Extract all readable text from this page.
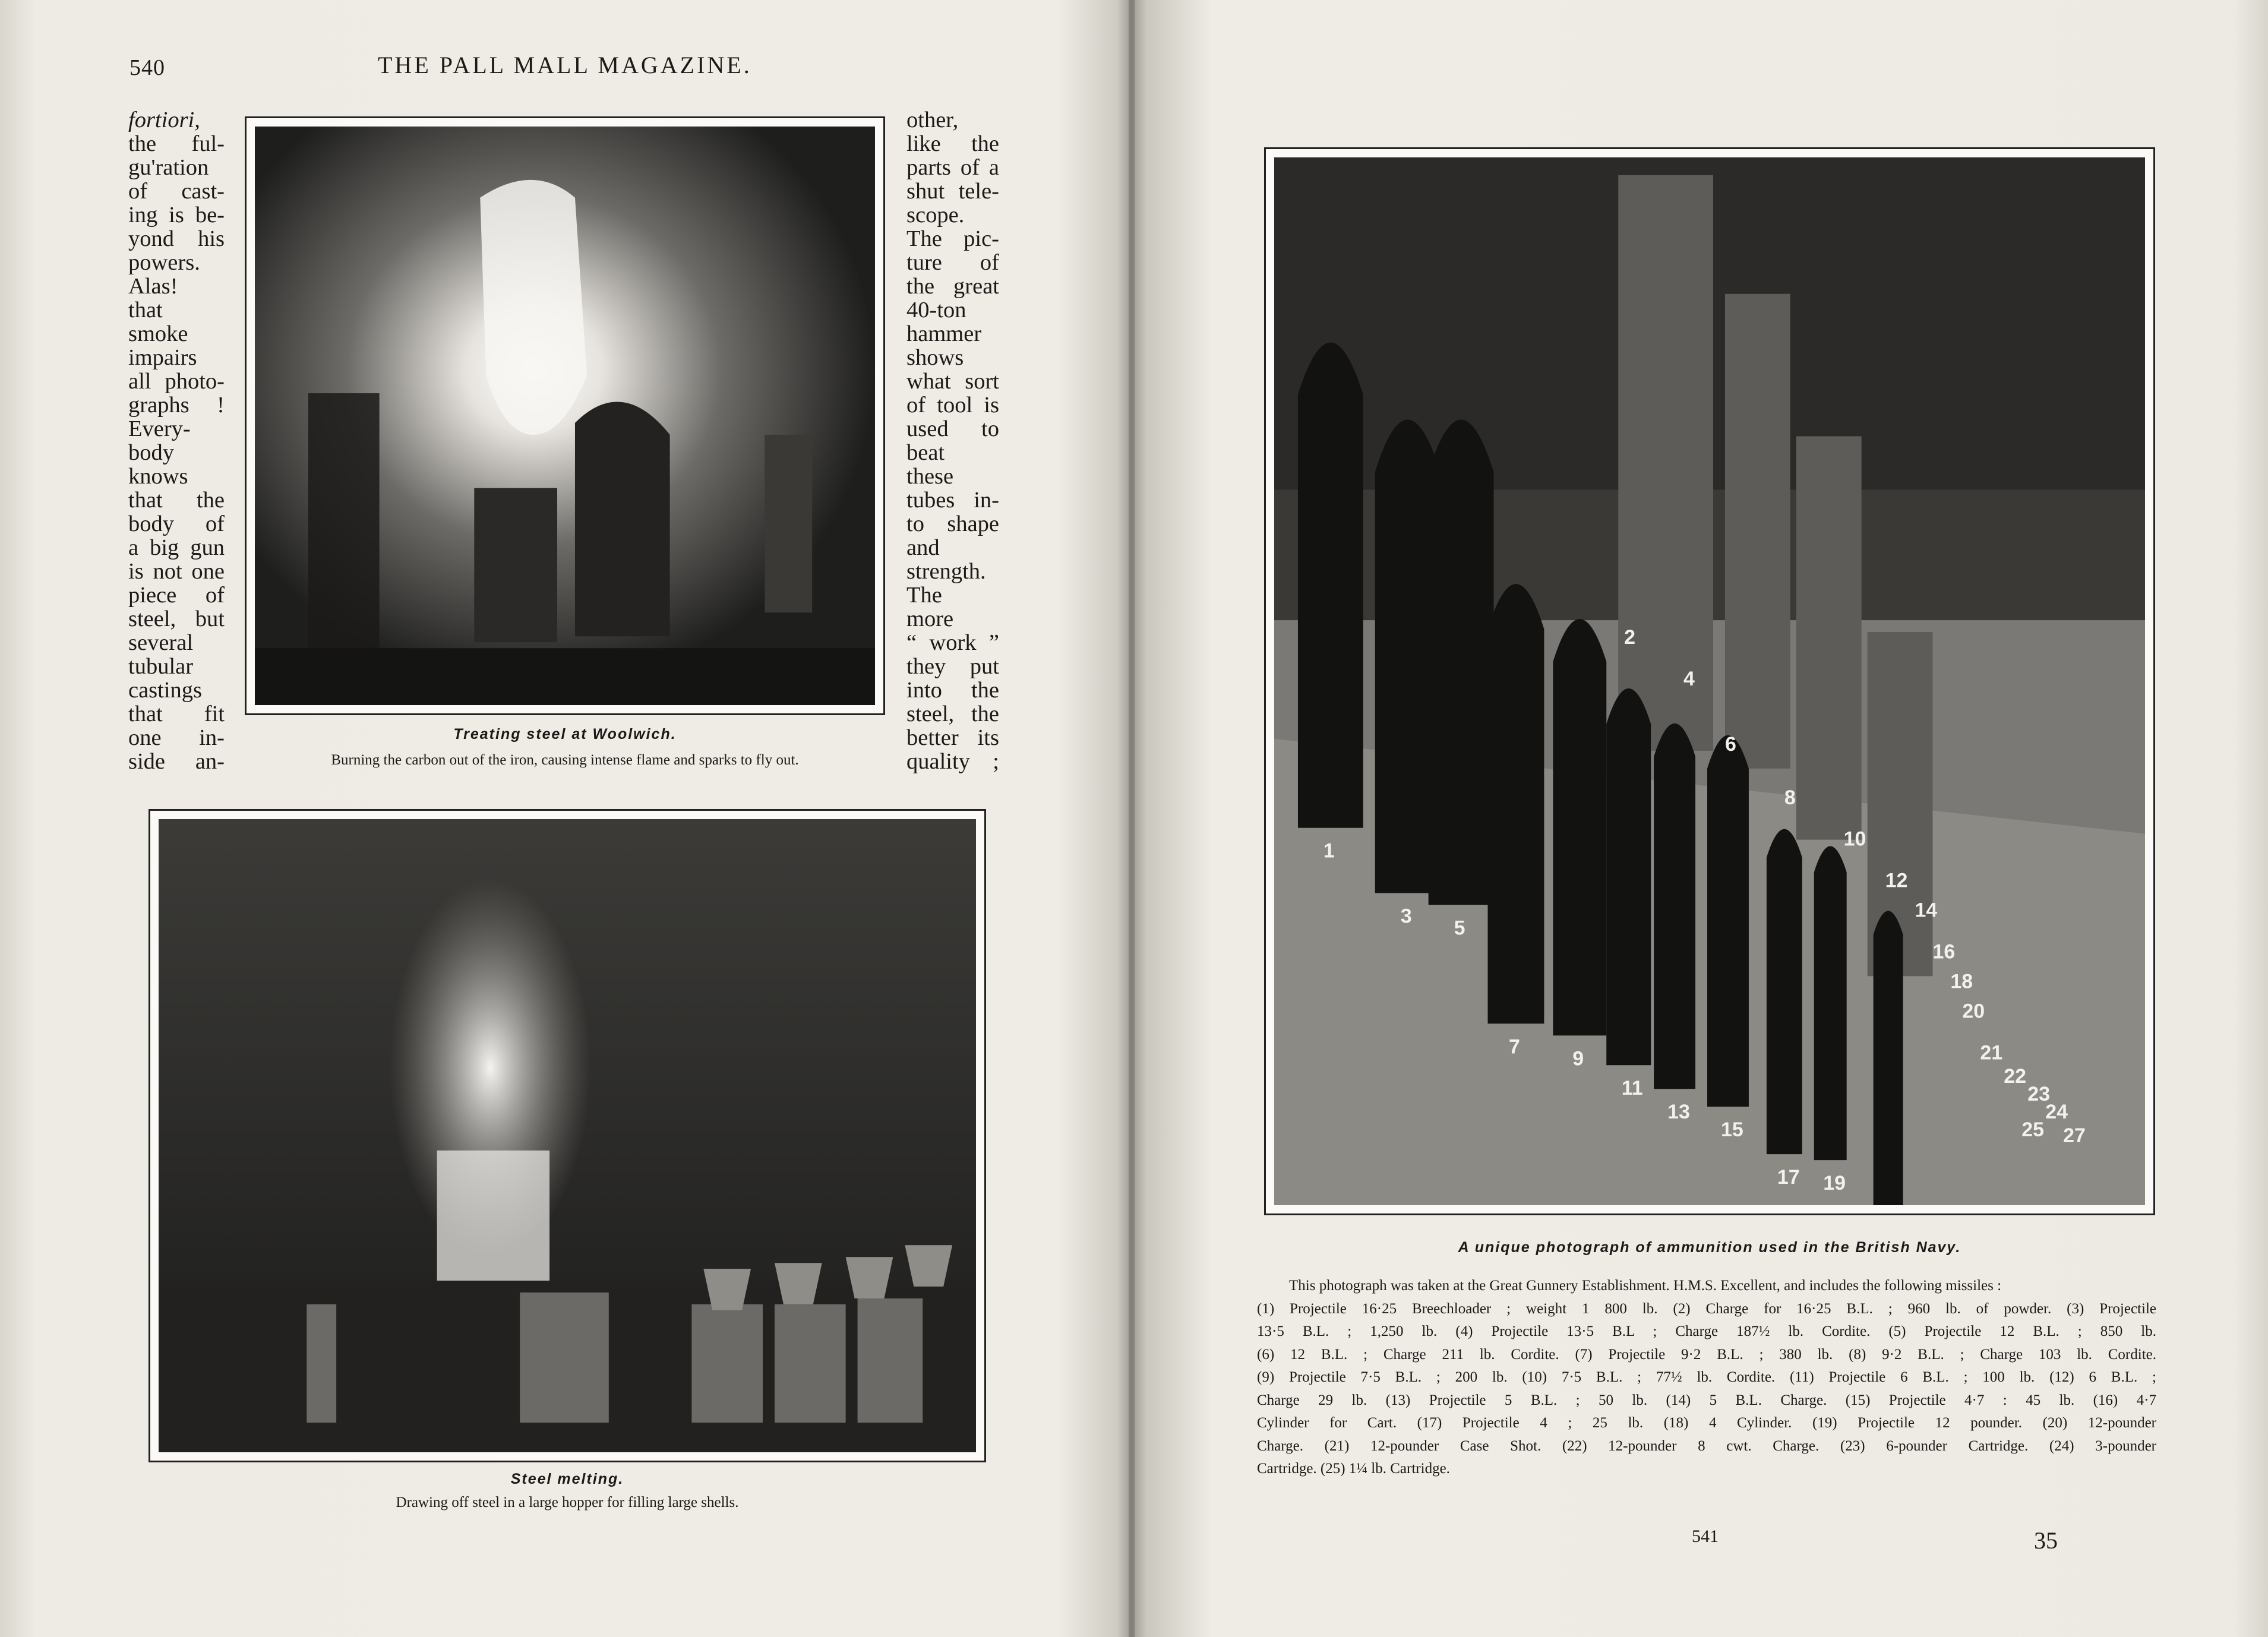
540	THE PALL MALL MAGAZINE.
fortiori,
the ful-
gu'ration
of cast-
ing is be-
yond his
powers.
Alas!
that
smoke
impairs
all photo-
graphs !
Every-
body
knows
that the
body of
a big gun
is not one
piece of
steel, but
several
tubular
castings
that fit
one in-
side an-
other,
like the
parts of a
shut tele-
scope.
The pic-
ture of
the great
40-ton
hammer
shows
what sort
of tool is
used to
beat
these
tubes in-
to shape
and
strength.
The
more
“ work ”
they put
into the
steel, the
better its
quality ;
Treating steel at Woolwich.
Burning the carbon out of the iron, causing intense flame and sparks to fly out.
Steel melting.
Drawing off steel in a large hopper for filling large shells.
1
3
5
7
9
11
13
15
17 19
2
4
6
8
10
12
14
16
18
20
21
22
23
24
25 27
A unique photograph of ammunition used in the British Navy.
This photograph was taken at the Great Gunnery Establishment. H.M.S. Excellent, and includes the following missiles :
(1) Projectile 16·25 Breechloader ; weight 1 800 lb. (2) Charge for 16·25 B.L. ; 960 lb. of powder. (3) Projectile
13·5 B.L. ; 1,250 lb. (4) Projectile 13·5 B.L ; Charge 187½ lb. Cordite. (5) Projectile 12 B.L. ; 850 lb.
(6) 12 B.L. ; Charge 211 lb. Cordite. (7) Projectile 9·2 B.L. ; 380 lb. (8) 9·2 B.L. ; Charge 103 lb. Cordite.
(9) Projectile 7·5 B.L. ; 200 lb. (10) 7·5 B.L. ; 77½ lb. Cordite. (11) Projectile 6 B.L. ; 100 lb. (12) 6 B.L. ;
Charge 29 lb. (13) Projectile 5 B.L. ; 50 lb. (14) 5 B.L. Charge. (15) Projectile 4·7 : 45 lb. (16) 4·7
Cylinder for Cart. (17) Projectile 4 ; 25 lb. (18) 4 Cylinder. (19) Projectile 12 pounder. (20) 12-pounder
Charge. (21) 12-pounder Case Shot. (22) 12-pounder 8 cwt. Charge. (23) 6-pounder Cartridge. (24) 3-pounder
Cartridge. (25) 1¼ lb. Cartridge.
541	35
